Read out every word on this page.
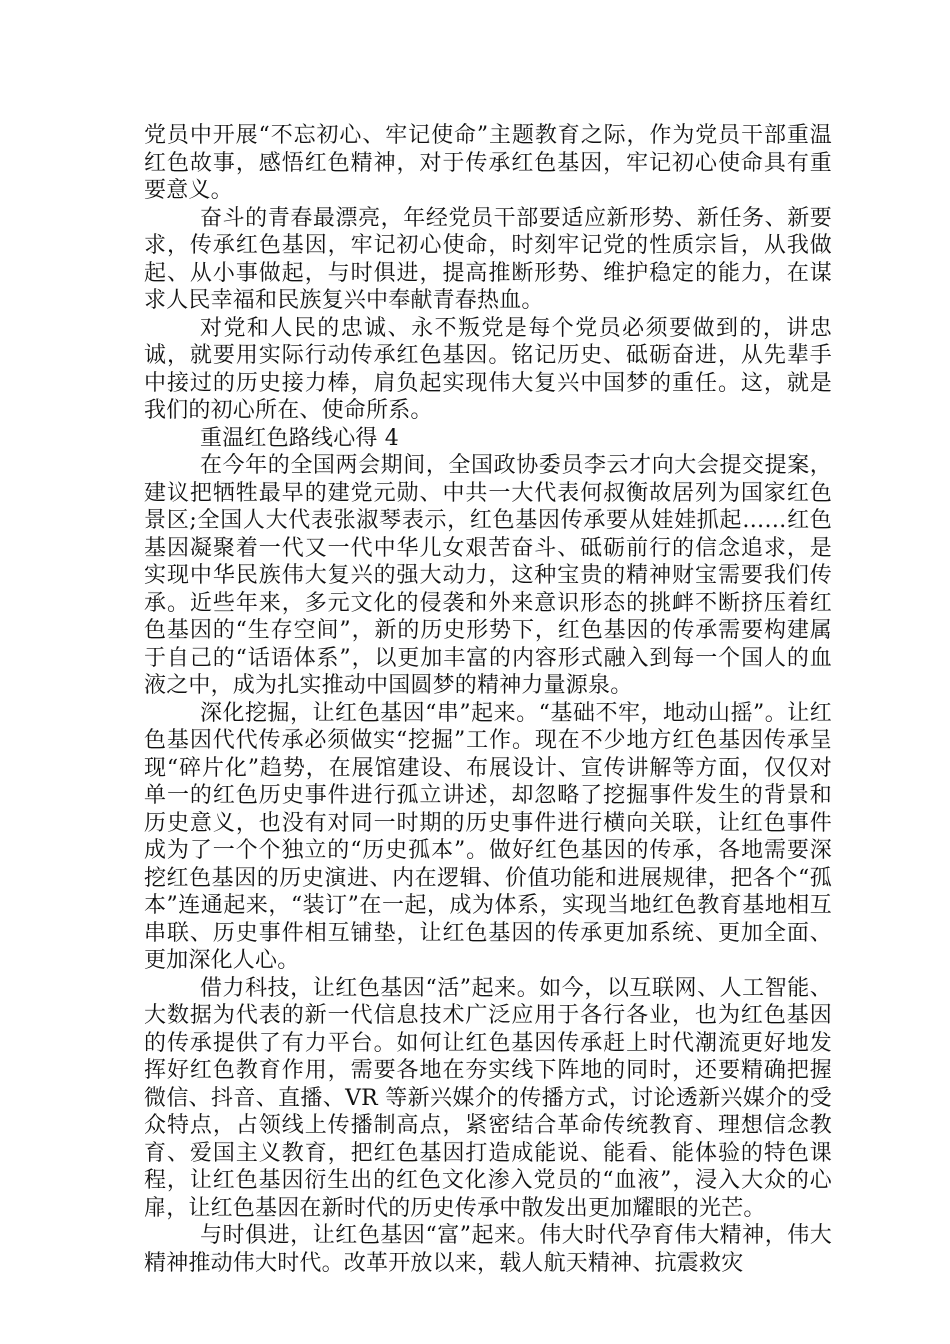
党员中开展“不忘初心、牢记使命”主题教育之际，作为党员干部重温红色故事，感悟红色精神，对于传承红色基因，牢记初心使命具有重要意义。

奋斗的青春最漂亮，年经党员干部要适应新形势、新任务、新要求，传承红色基因，牢记初心使命，时刻牢记党的性质宗旨，从我做起、从小事做起，与时俱进，提高推断形势、维护稳定的能力，在谋求人民幸福和民族复兴中奉献青春热血。

对党和人民的忠诚、永不叛党是每个党员必须要做到的，讲忠诚，就要用实际行动传承红色基因。铭记历史、砥砺奋进，从先辈手中接过的历史接力棒，肩负起实现伟大复兴中国梦的重任。这，就是我们的初心所在、使命所系。

重温红色路线心得 4

在今年的全国两会期间，全国政协委员李云才向大会提交提案，建议把牺牲最早的建党元勋、中共一大代表何叔衡故居列为国家红色景区;全国人大代表张淑琴表示，红色基因传承要从娃娃抓起……红色基因凝聚着一代又一代中华儿女艰苦奋斗、砥砺前行的信念追求，是实现中华民族伟大复兴的强大动力，这种宝贵的精神财宝需要我们传承。近些年来，多元文化的侵袭和外来意识形态的挑衅不断挤压着红色基因的“生存空间”，新的历史形势下，红色基因的传承需要构建属于自己的“话语体系”，以更加丰富的内容形式融入到每一个国人的血液之中，成为扎实推动中国圆梦的精神力量源泉。

深化挖掘，让红色基因“串”起来。“基础不牢，地动山摇”。让红色基因代代传承必须做实“挖掘”工作。现在不少地方红色基因传承呈现“碎片化”趋势，在展馆建设、布展设计、宣传讲解等方面，仅仅对单一的红色历史事件进行孤立讲述，却忽略了挖掘事件发生的背景和历史意义，也没有对同一时期的历史事件进行横向关联，让红色事件成为了一个个独立的“历史孤本”。做好红色基因的传承，各地需要深挖红色基因的历史演进、内在逻辑、价值功能和进展规律，把各个“孤本”连通起来，“装订”在一起，成为体系，实现当地红色教育基地相互串联、历史事件相互铺垫，让红色基因的传承更加系统、更加全面、更加深化人心。

借力科技，让红色基因“活”起来。如今，以互联网、人工智能、大数据为代表的新一代信息技术广泛应用于各行各业，也为红色基因的传承提供了有力平台。如何让红色基因传承赶上时代潮流更好地发挥好红色教育作用，需要各地在夯实线下阵地的同时，还要精确把握微信、抖音、直播、VR 等新兴媒介的传播方式，讨论透新兴媒介的受众特点，占领线上传播制高点，紧密结合革命传统教育、理想信念教育、爱国主义教育，把红色基因打造成能说、能看、能体验的特色课程，让红色基因衍生出的红色文化渗入党员的“血液”，浸入大众的心扉，让红色基因在新时代的历史传承中散发出更加耀眼的光芒。

与时俱进，让红色基因“富”起来。伟大时代孕育伟大精神，伟大精神推动伟大时代。改革开放以来，载人航天精神、抗震救灾
